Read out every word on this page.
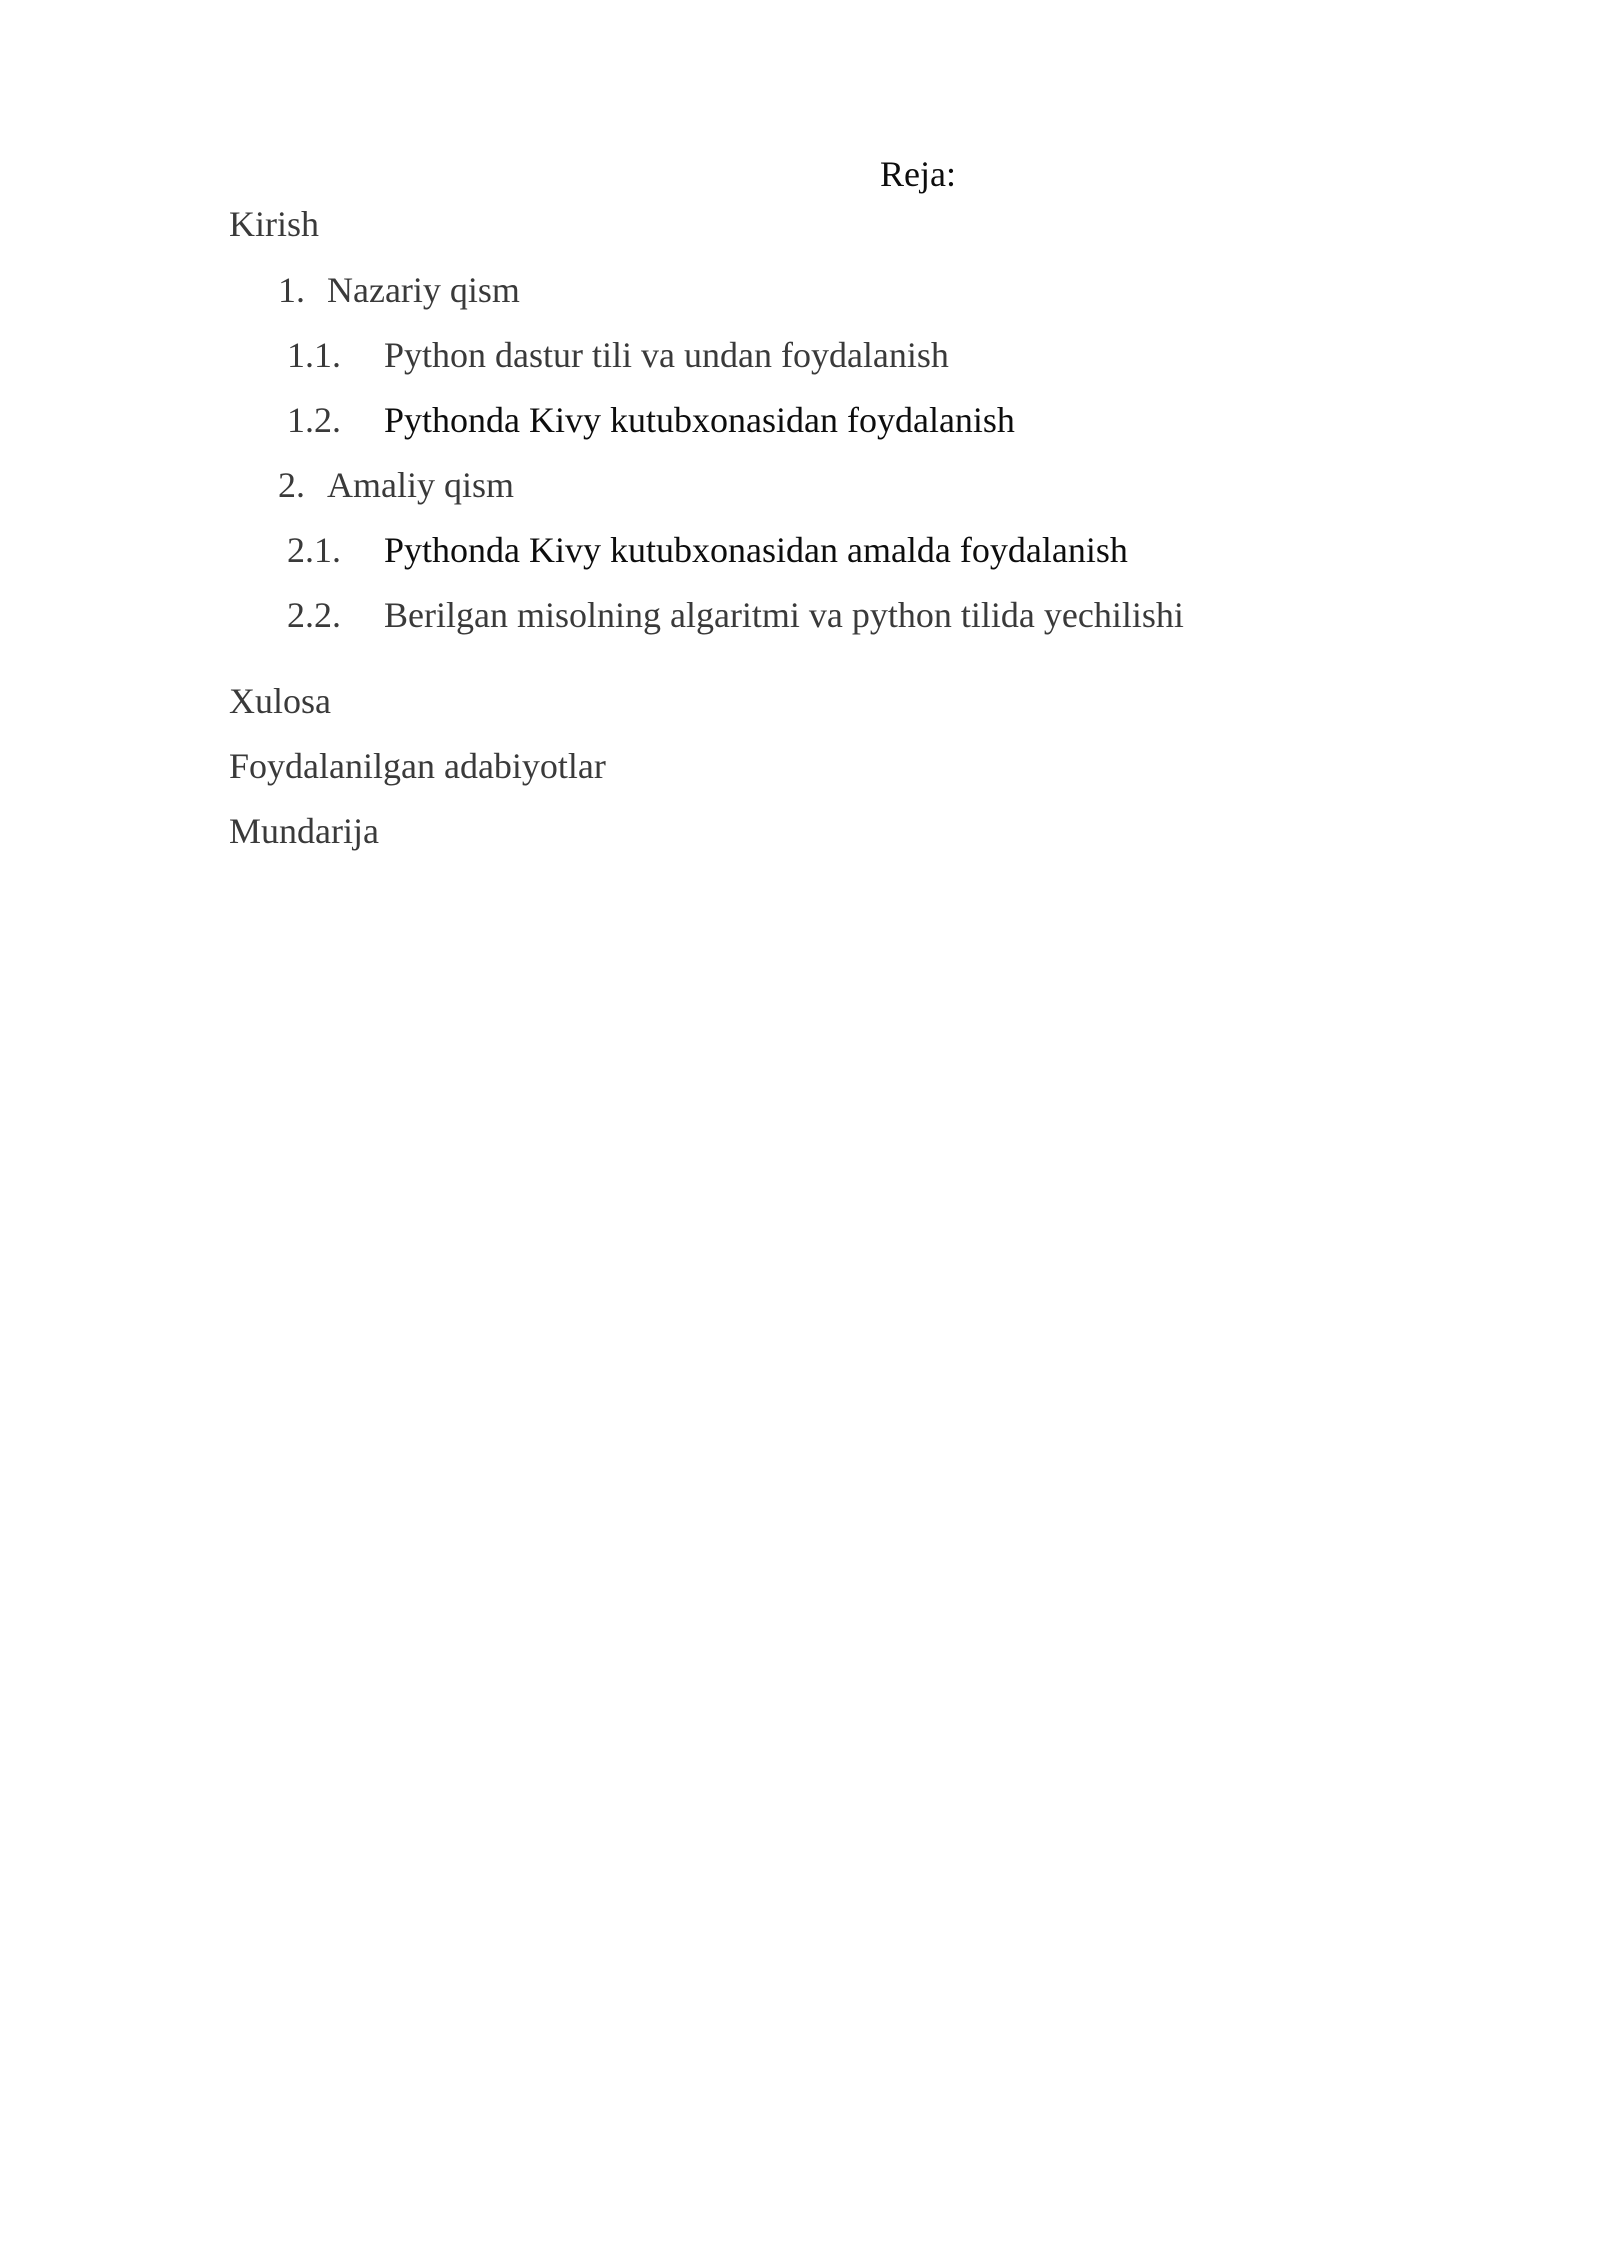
Reja:
Kirish
1. Nazariy qism
1.1. Python dastur tili va undan foydalanish
1.2. Pythonda Kivy kutubxonasidan foydalanish
2. Amaliy qism
2.1. Pythonda Kivy kutubxonasidan amalda foydalanish
2.2. Berilgan misolning algaritmi va python tilida yechilishi
Xulosa
Foydalanilgan adabiyotlar
Mundarija
